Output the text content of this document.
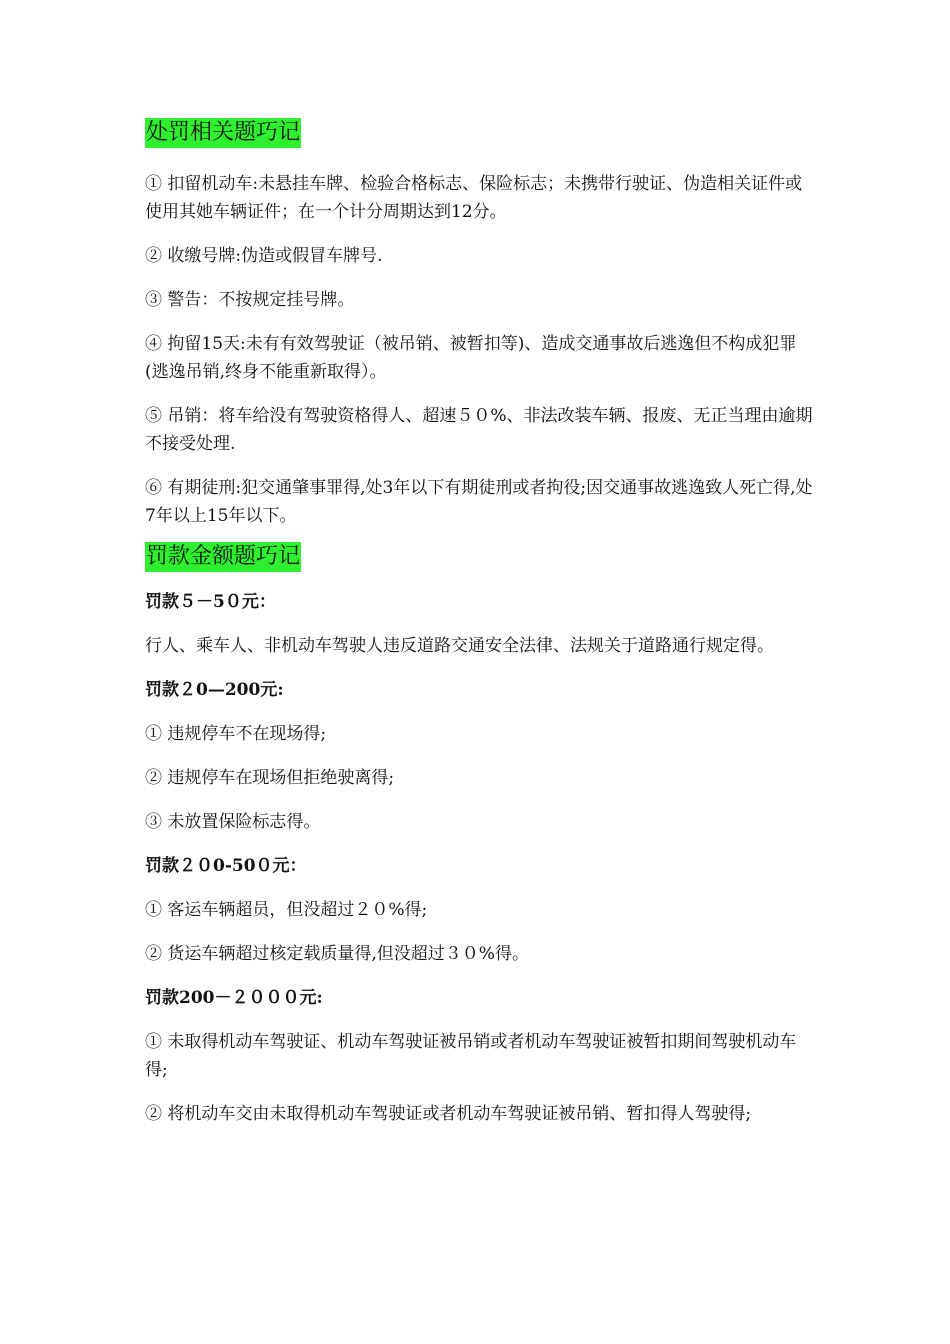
处罚相关题巧记

① 扣留机动车:未悬挂车牌、检验合格标志、保险标志；未携带行驶证、伪造相关证件或使用其她车辆证件；在一个计分周期达到12分。

② 收缴号牌:伪造或假冒车牌号.

③ 警告：不按规定挂号牌。

④ 拘留15天:未有有效驾驶证（被吊销、被暂扣等)、造成交通事故后逃逸但不构成犯罪(逃逸吊销,终身不能重新取得）。

⑤ 吊销：将车给没有驾驶资格得人、超速５０%、非法改装车辆、报废、无正当理由逾期不接受处理.

⑥ 有期徒刑:犯交通肇事罪得,处3年以下有期徒刑或者拘役;因交通事故逃逸致人死亡得,处7年以上15年以下。

罚款金额题巧记

罚款５－5０元：

行人、乘车人、非机动车驾驶人违反道路交通安全法律、法规关于道路通行规定得。

罚款２0—200元:

① 违规停车不在现场得;

② 违规停车在现场但拒绝驶离得;

③ 未放置保险标志得。

罚款２０0-50０元：

① 客运车辆超员，但没超过２０%得;

② 货运车辆超过核定载质量得,但没超过３０%得。

罚款200－２０００元:

① 未取得机动车驾驶证、机动车驾驶证被吊销或者机动车驾驶证被暂扣期间驾驶机动车得;

② 将机动车交由未取得机动车驾驶证或者机动车驾驶证被吊销、暂扣得人驾驶得;
